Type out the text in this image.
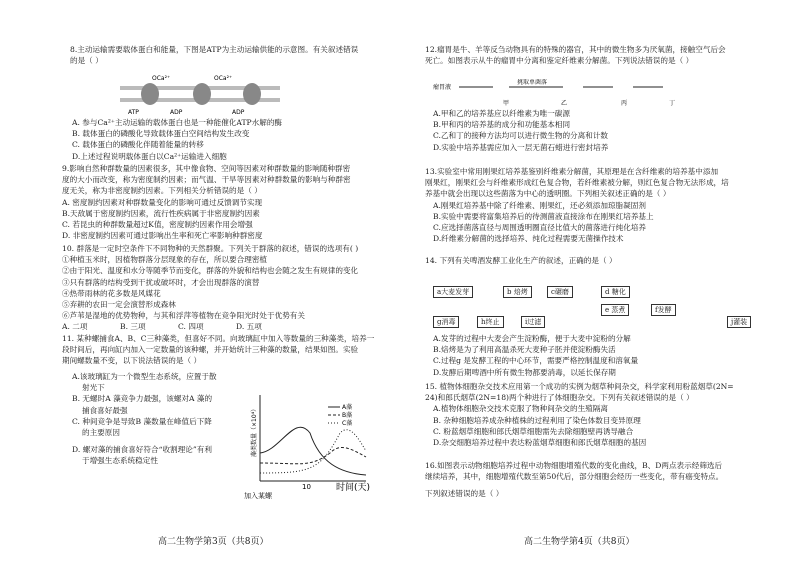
8.主动运输需要载体蛋白和能量，下图是ATP为主动运输供能的示意图。有关叙述错误

的是（ ）

OCa²⁺	OCa²⁺
ADP
ATP	ADP

A. 参与Ca²⁺主动运输的载体蛋白也是一种能催化ATP水解的酶

B. 载体蛋白的磷酸化导致载体蛋白空间结构发生改变

C. 载体蛋白的磷酸化伴随着能量的转移

D.上述过程说明载体蛋白以Ca²⁺运输进入细胞

9.影响自然种群数量的因素很多，其中像食物、空间等因素对种群数量的影响随种群密

度的大小而改变，称为密度制约因素；而气温、干旱等因素对种群数量的影响与种群密

度无关，称为非密度制约因素。下列相关分析错误的是（ ）

A. 密度制约因素对种群数量变化的影响可通过反馈调节实现

B.天敌属于密度制约因素，流行性疾病属于非密度制约因素

C. 若昆虫的种群数量超过K值，密度制约因素作用会增强

D. 非密度制约因素可通过影响出生率和死亡率影响种群密度

10. 群落是一定时空条件下不同物种的天然群聚。下列关于群落的叙述，错误的选项有( )

①种植玉米时，因植物群落分层现象的存在，所以要合理密植

②由于阳光、温度和水分等随季节而变化，群落的外貌和结构也会随之发生有规律的变化

③只有群落的结构受到干扰或破坏时，才会出现群落的演替

④热带雨林的花多数是风媒花

⑤弃耕的农田一定会演替形成森林

⑥芦苇是湿地的优势物种，与其和浮萍等植物在竞争阳光时处于优势有关

A. 二项	B. 三项	C. 四项	D. 五项

11. 某种螺捕食A、B、C三种藻类，但喜好不同。向玻璃缸中加入等数量的三种藻类，培养一

段时间后，再向缸内加入一定数量的该种螺，并开始统计三种藻的数量，结果如图。实验

期间螺数量不变，以下说法错误的是（ ）

A.该玻璃缸为一个微型生态系统，应置于散

射光下

B. 无螺时A 藻竞争力最强，该螺对A 藻的

捕食喜好最强

C. 种间竞争是导致B 藻数量在峰值后下降

的主要原因

D. 螺对藻的捕食喜好符合“收割理论”有利

于增强生态系统稳定性

藻类数量（×10⁴）	A藻
B藻
C藻
10	时间(天)
加入某螺
高二生物学第3页（共8页）

12.瘤胃是牛、羊等反刍动物具有的特殊的器官，其中的微生物多为厌氧菌，接触空气后会

死亡。如图表示从牛的瘤胃中分离和鉴定纤维素分解菌。下列说法错误的是（ ）

瘤胃液
挑取单菌落
甲	乙	丙	丁

A.甲和乙的培养基应以纤维素为唯一碳源

B.甲和丙的培养基的成分和功能基本相同

C.乙和丁的接种方法均可以进行微生物的分离和计数

D.实验中培养基需应加入一层无菌石蜡进行密封培养

13.实验室中常用刚果红培养基鉴别纤维素分解菌，其原理是在含纤维素的培养基中添加

刚果红，刚果红会与纤维素形成红色复合物，若纤维素被分解，则红色复合物无法形成，培

养基中就会出现以这些菌落为中心的透明圈。下列相关叙述正确的是（ ）

A.刚果红培养基中除了纤维素、刚果红，还必须添加琼脂凝固剂

B.实验中需要将富集培养后的待测菌液直接涂布在刚果红培养基上

C.应选择菌落直径与周围透明圈直径比值大的菌落进行纯化培养

D.纤维素分解菌的选择培养、纯化过程需要无菌操作技术

14. 下列有关啤酒发酵工业化生产的叙述，正确的是（ ）

a大麦发芽	b 焙烤	c碾磨	d 糖化
e 蒸煮	f发酵
g消毒	h终止	i过滤	j灌装

A.发芽的过程中大麦会产生淀粉酶，便于大麦中淀粉的分解

B.焙烤是为了利用高温杀死大麦种子胚并使淀粉酶失活

C.过程g 是发酵工程的中心环节，需要严格控制温度和溶氧量

D.发酵后期啤酒中所有微生物都要消毒，以延长保存期

15. 植物体细胞杂交技术应用第一个成功的实例为烟草种间杂交，科学家利用粉蓝烟草(2N=

24)和郎氏烟草(2N=18)两个种进行了体细胞杂交。下列有关叙述错误的是（ ）

A.植物体细胞杂交技术克服了物种间杂交的生殖隔离

B. 杂种细胞培养成杂种植株的过程利用了染色体数目变异原理

C. 粉蓝烟草细胞和郎氏烟草细胞需先去除细胞壁再诱导融合

D.杂交细胞培养过程中表达粉蓝烟草细胞和郎氏烟草细胞的基因

16.如图表示动物细胞培养过程中动物细胞增殖代数的变化曲线，B、D两点表示经筛选后

继续培养，其中，细胞增殖代数至第50代后，部分细胞会经历一些变化，带有癌变特点。

下列叙述错误的是（ ）

高二生物学第4页（共8页）
